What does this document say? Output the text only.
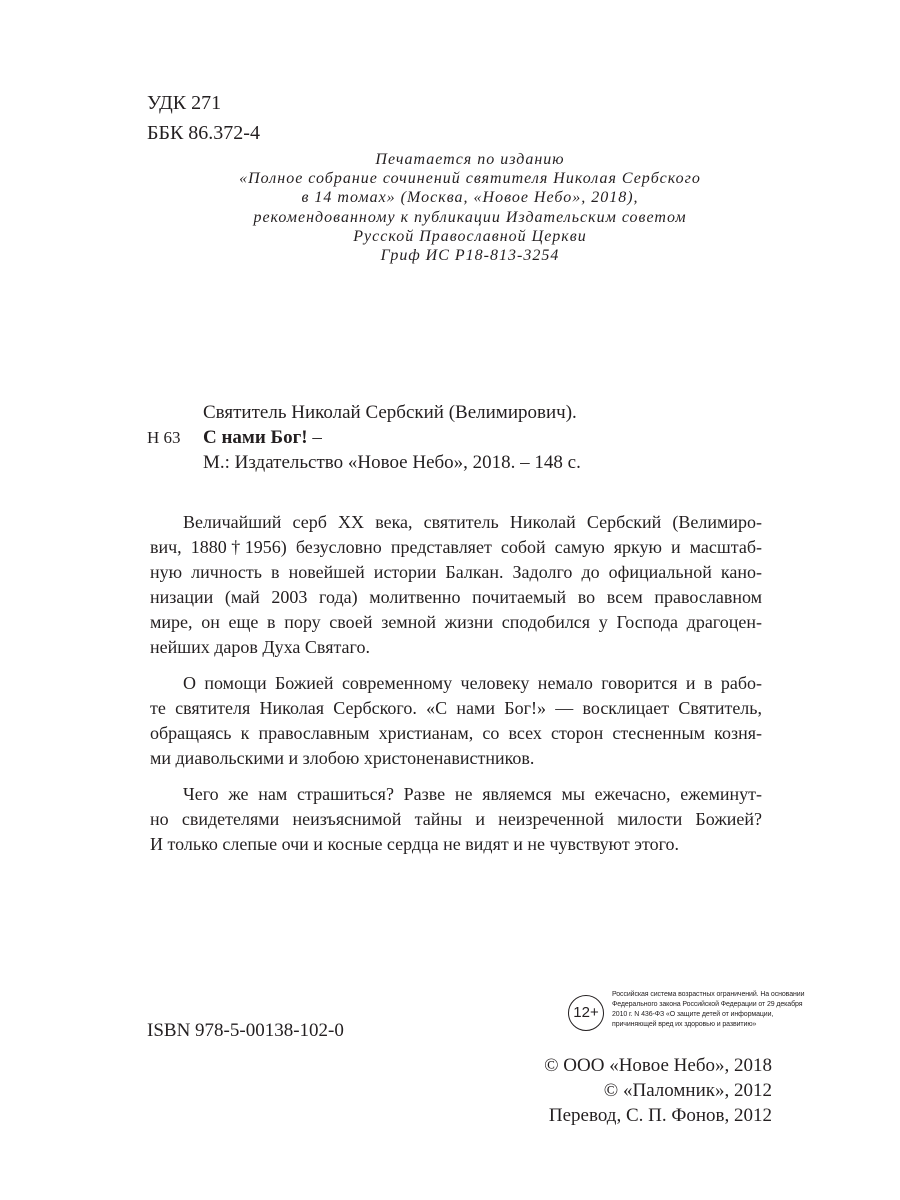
УДК 271
ББК 86.372-4
Печатается по изданию
«Полное собрание сочинений святителя Николая Сербского
в 14 томах» (Москва, «Новое Небо», 2018),
рекомендованному к публикации Издательским советом
Русской Православной Церкви
Гриф ИС Р18-813-3254
Н 63
Святитель Николай Сербский (Велимирович).
С нами Бог! –
М.: Издательство «Новое Небо», 2018. – 148 с.
Величайший серб XX века, святитель Николай Сербский (Велимиро-
вич, 1880†1956) безусловно представляет собой самую яркую и масштаб-
ную личность в новейшей истории Балкан. Задолго до официальной кано-
низации (май 2003 года) молитвенно почитаемый во всем православном
мире, он еще в пору своей земной жизни сподобился у Господа драгоцен-
нейших даров Духа Святаго.
О помощи Божией современному человеку немало говорится и в рабо-
те святителя Николая Сербского. «С нами Бог!» — восклицает Святитель,
обращаясь к православным христианам, со всех сторон стесненным козня-
ми диавольскими и злобою христоненавистников.
Чего же нам страшиться? Разве не являемся мы ежечасно, ежеминут-
но свидетелями неизъяснимой тайны и неизреченной милости Божией?
И только слепые очи и косные сердца не видят и не чувствуют этого.
ISBN 978-5-00138-102-0
12+
Российская система возрастных ограничений. На основании Федерального закона Российской Федерации от 29 декабря 2010 г. N 436-ФЗ «О защите детей от информации, причиняющей вред их здоровью и развитию»
© ООО «Новое Небо», 2018
© «Паломник», 2012
Перевод, С. П. Фонов, 2012
